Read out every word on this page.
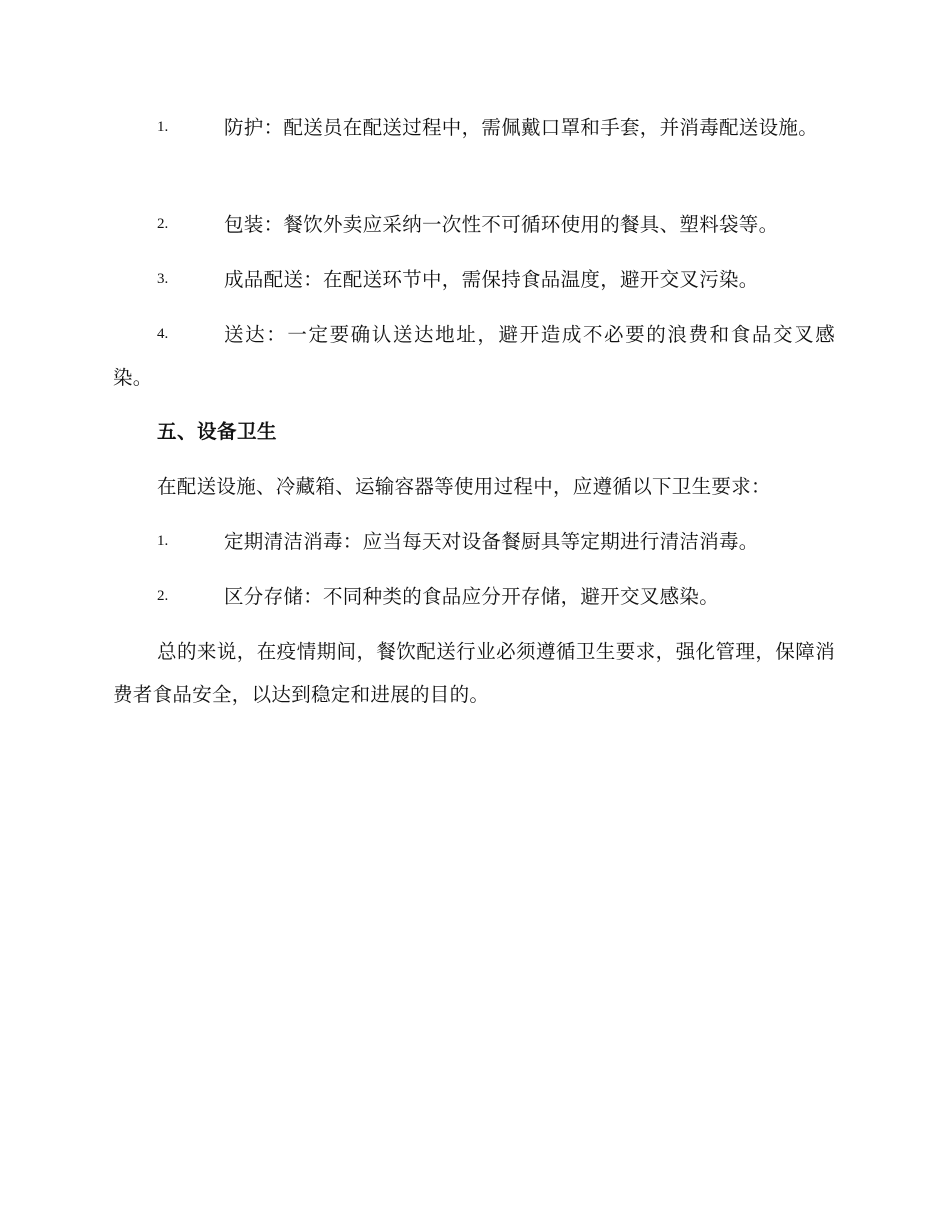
1.	防护：配送员在配送过程中，需佩戴口罩和手套，并消毒配送设施。
2.	包装：餐饮外卖应采纳一次性不可循环使用的餐具、塑料袋等。
3.	成品配送：在配送环节中，需保持食品温度，避开交叉污染。
4.	送达：一定要确认送达地址，避开造成不必要的浪费和食品交叉感染。
五、设备卫生
在配送设施、冷藏箱、运输容器等使用过程中，应遵循以下卫生要求：
1.	定期清洁消毒：应当每天对设备餐厨具等定期进行清洁消毒。
2.	区分存储：不同种类的食品应分开存储，避开交叉感染。
总的来说，在疫情期间，餐饮配送行业必须遵循卫生要求，强化管理，保障消费者食品安全，以达到稳定和进展的目的。
